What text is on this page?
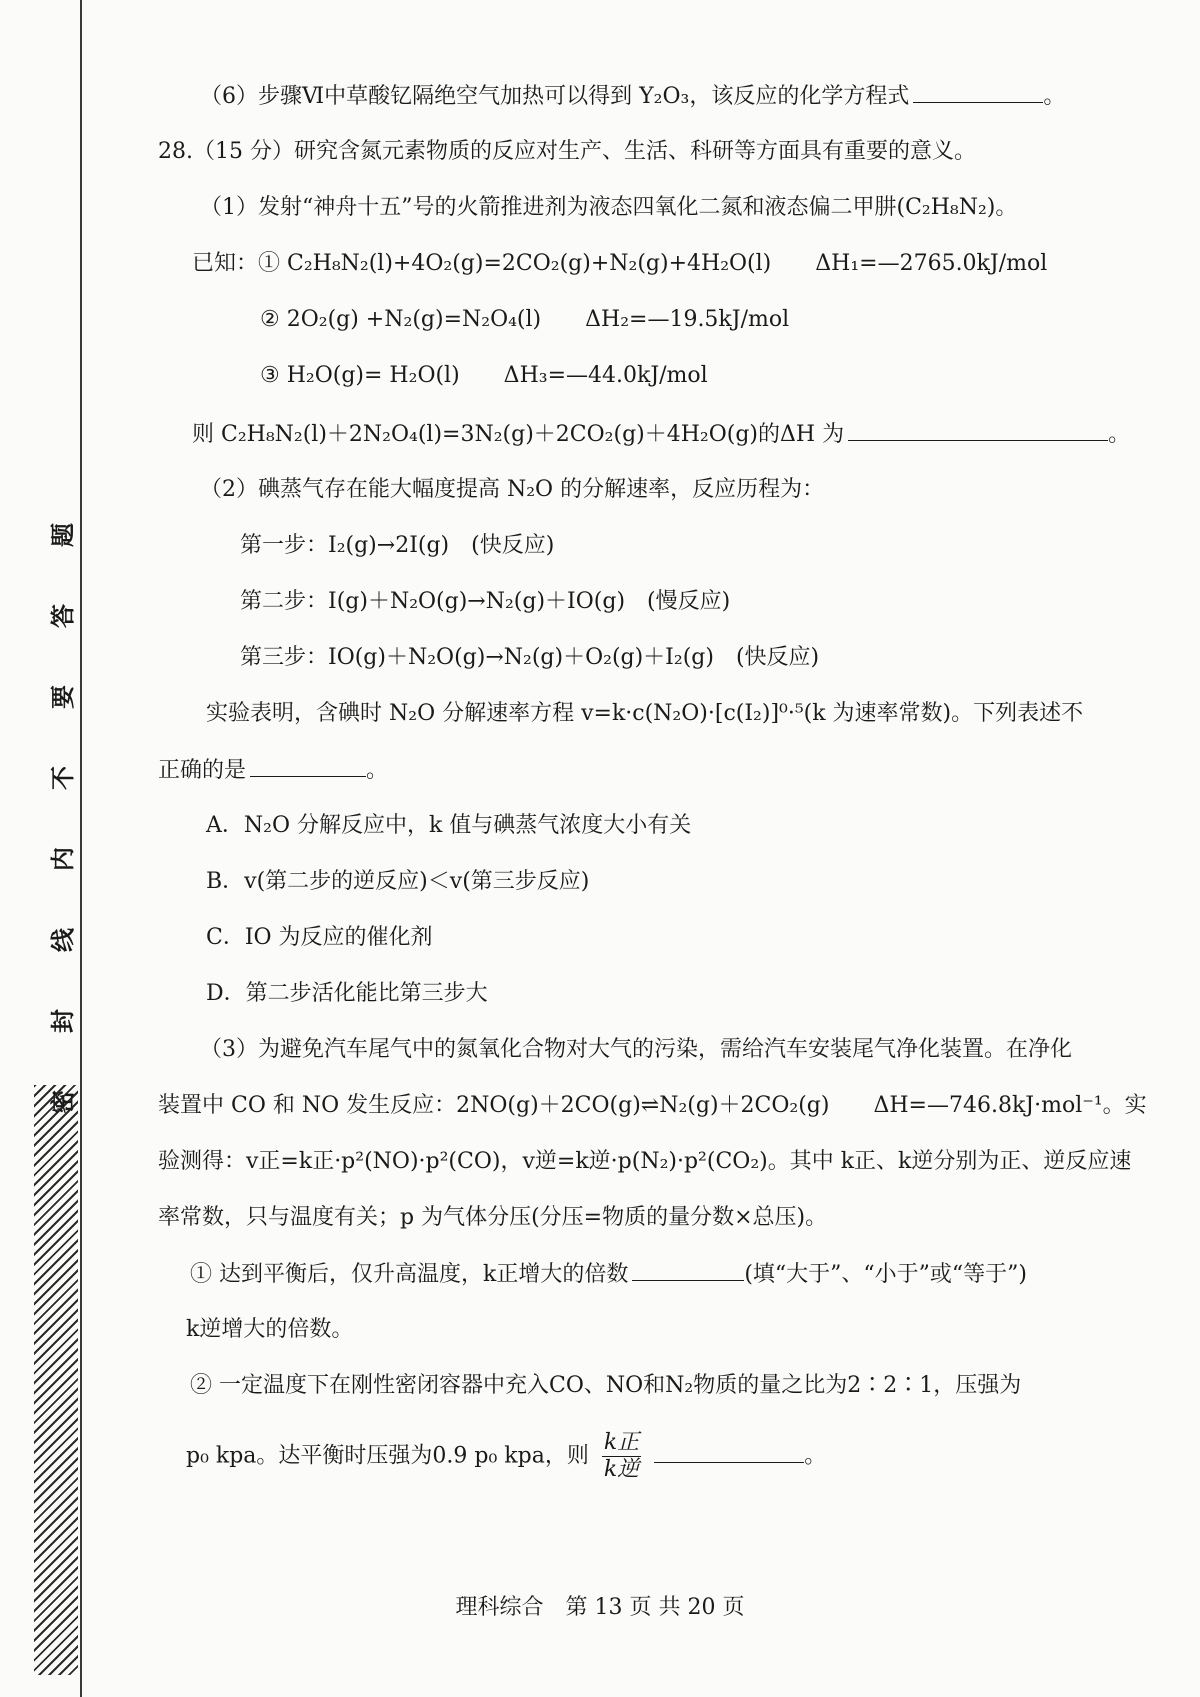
题
答
要
不
内
线
封
密
（6）步骤Ⅵ中草酸钇隔绝空气加热可以得到 Y₂O₃，该反应的化学方程式	。
28.（15 分）研究含氮元素物质的反应对生产、生活、科研等方面具有重要的意义。
（1）发射“神舟十五”号的火箭推进剂为液态四氧化二氮和液态偏二甲肼(C₂H₈N₂)。
已知：① C₂H₈N₂(l)+4O₂(g)=2CO₂(g)+N₂(g)+4H₂O(l)　　ΔH₁=—2765.0kJ/mol
② 2O₂(g) +N₂(g)=N₂O₄(l)　　ΔH₂=—19.5kJ/mol
③ H₂O(g)= H₂O(l)　　ΔH₃=—44.0kJ/mol
则 C₂H₈N₂(l)＋2N₂O₄(l)=3N₂(g)＋2CO₂(g)＋4H₂O(g)的ΔH 为	。
（2）碘蒸气存在能大幅度提高 N₂O 的分解速率，反应历程为：
第一步：I₂(g)→2I(g)　(快反应)
第二步：I(g)＋N₂O(g)→N₂(g)＋IO(g)　(慢反应)
第三步：IO(g)＋N₂O(g)→N₂(g)＋O₂(g)＋I₂(g)　(快反应)
实验表明，含碘时 N₂O 分解速率方程 v=k·c(N₂O)·[c(I₂)]⁰·⁵(k 为速率常数)。下列表述不
正确的是	。
A．N₂O 分解反应中，k 值与碘蒸气浓度大小有关
B．v(第二步的逆反应)＜v(第三步反应)
C．IO 为反应的催化剂
D．第二步活化能比第三步大
（3）为避免汽车尾气中的氮氧化合物对大气的污染，需给汽车安装尾气净化装置。在净化
装置中 CO 和 NO 发生反应：2NO(g)＋2CO(g)⇌N₂(g)＋2CO₂(g)　　ΔH=—746.8kJ·mol⁻¹。实
验测得：v正=k正·p²(NO)·p²(CO)，v逆=k逆·p(N₂)·p²(CO₂)。其中 k正、k逆分别为正、逆反应速
率常数，只与温度有关；p 为气体分压(分压=物质的量分数×总压)。
① 达到平衡后，仅升高温度，k正增大的倍数	(填“大于”、“小于”或“等于”)
k逆增大的倍数。
② 一定温度下在刚性密闭容器中充入CO、NO和N₂物质的量之比为2∶2∶1，压强为
p₀ kpa。达平衡时压强为0.9 p₀ kpa，则 $\frac{\text{k正}}{\text{k逆}}$	。
理科综合　第 13 页 共 20 页
